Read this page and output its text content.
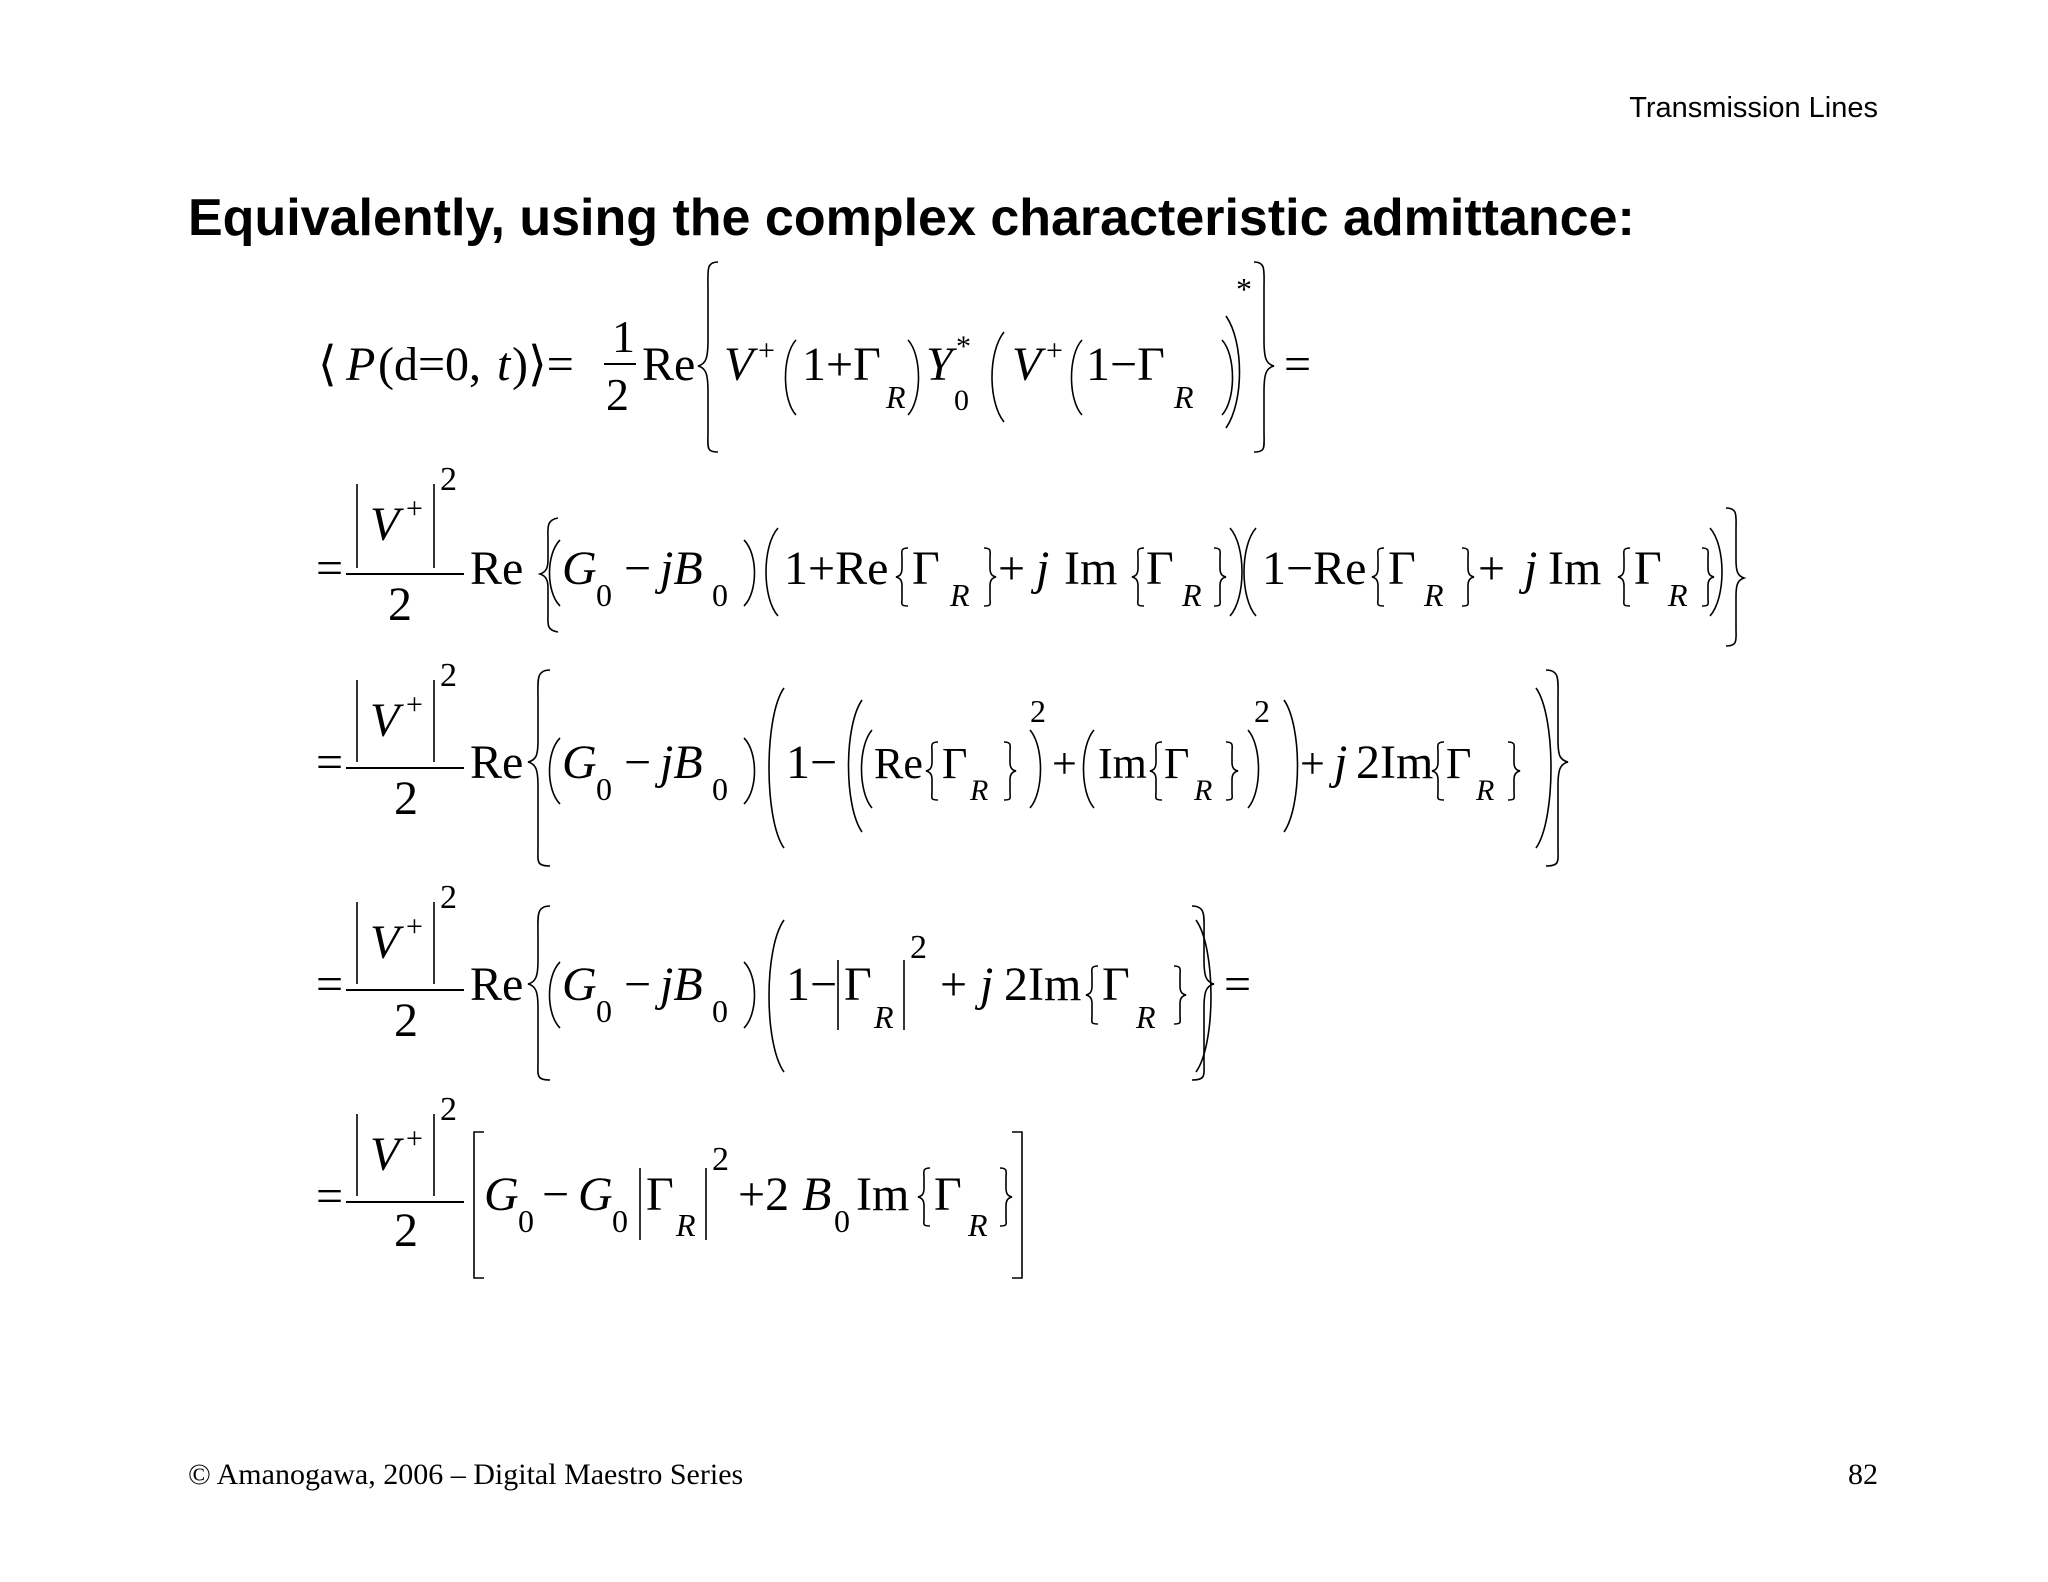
Transmission Lines
Equivalently, using the complex characteristic admittance:
⟨ P (d=0, t )⟩=
1
2
Re V + 1+Γ
R
Y *
0
V + 1−Γ
R
*
=
=
V +
2
2
Re G 0 − jB 0 1+Re Γ R + j Im Γ R 1−Re Γ R + j Im Γ R
=
V +
2
2
Re G 0 − jB 0 1− Re Γ
R
2
+ Im Γ
R
2
+ j 2Im Γ
R
=
V +
2
2
Re G 0 − jB 0 1− Γ
R
2
+ j 2Im Γ
R
=
=
V +
2
2
G 0 − G 0 Γ
R
2
+2 B 0 Im Γ
R
© Amanogawa, 2006 – Digital Maestro Series	82
